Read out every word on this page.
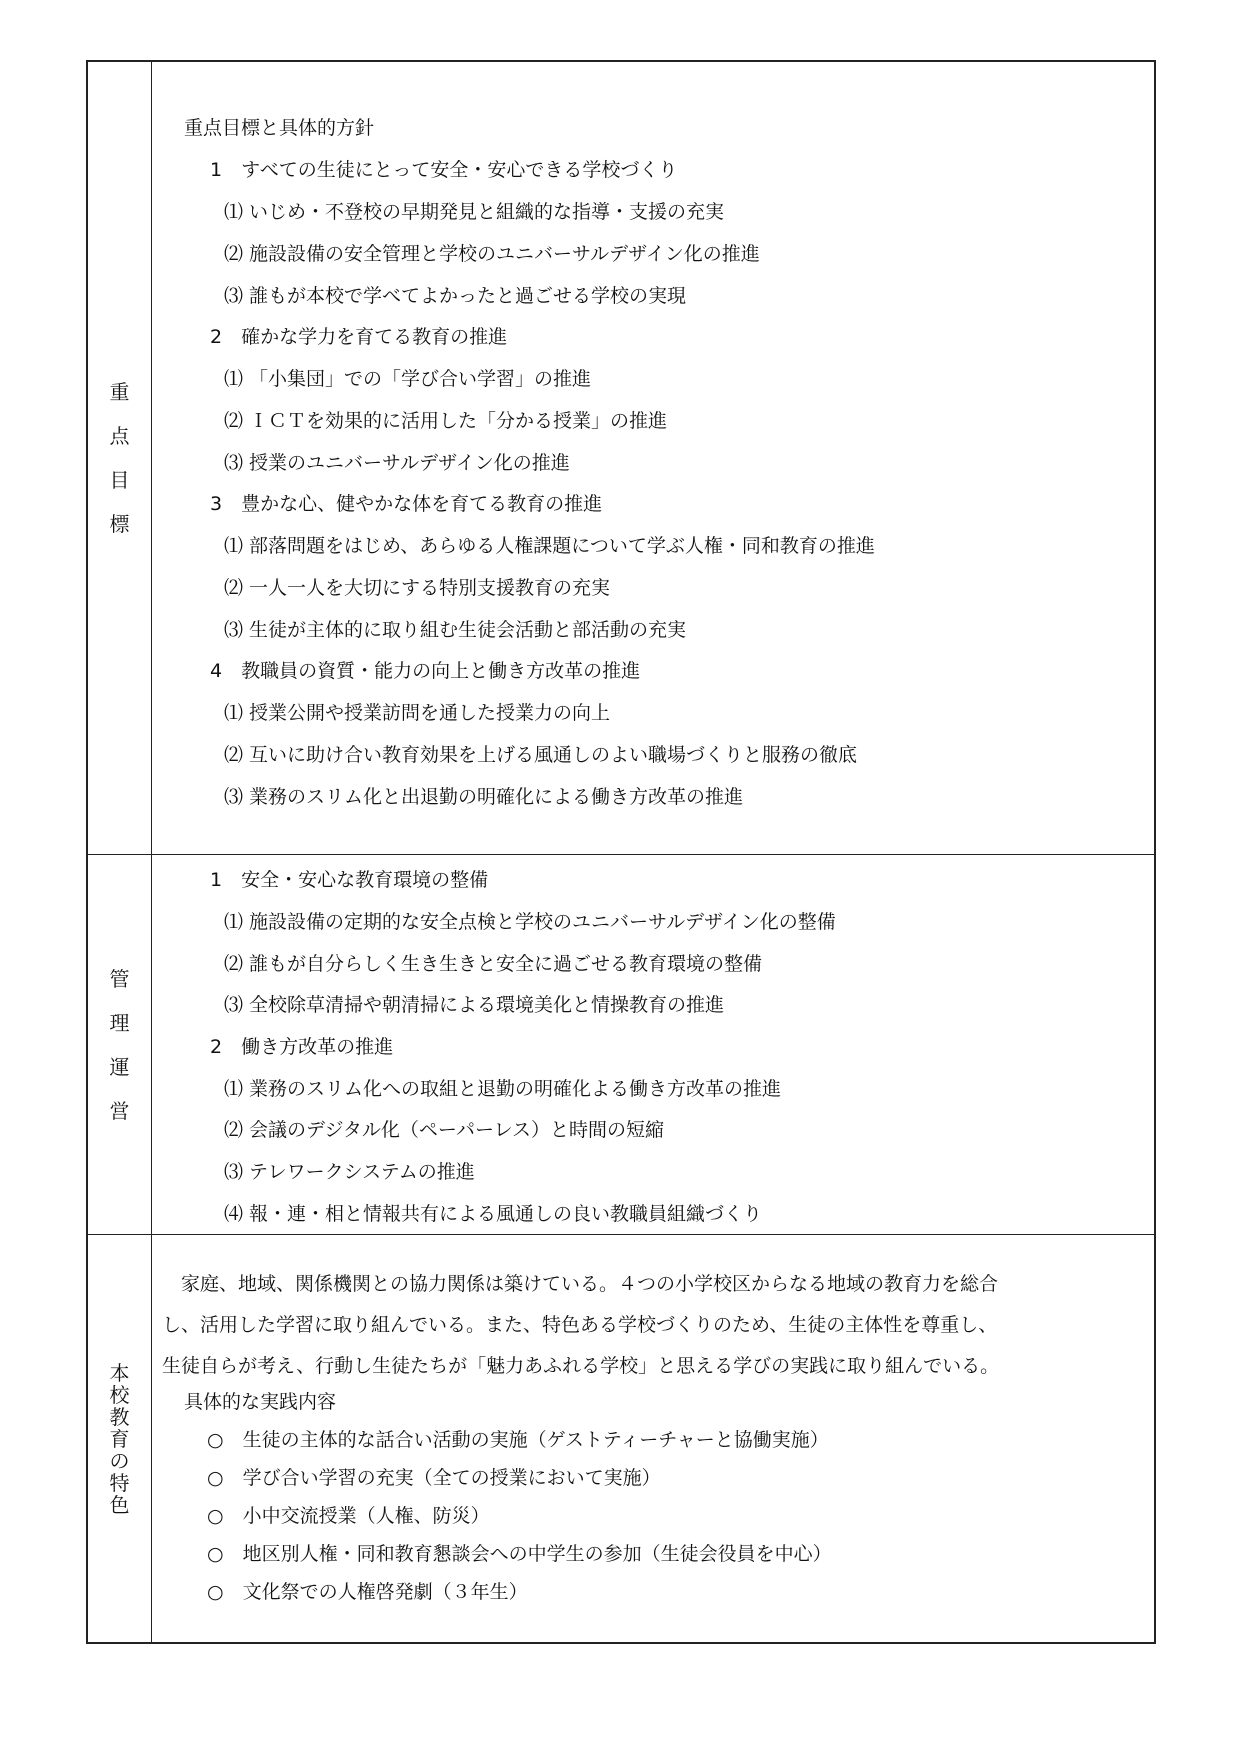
重
点
目
標
重点目標と具体的方針
1　すべての生徒にとって安全・安心できる学校づくり
⑴ いじめ・不登校の早期発見と組織的な指導・支援の充実
⑵ 施設設備の安全管理と学校のユニバーサルデザイン化の推進
⑶ 誰もが本校で学べてよかったと過ごせる学校の実現
2　確かな学力を育てる教育の推進
⑴ 「小集団」での「学び合い学習」の推進
⑵ ＩＣＴを効果的に活用した「分かる授業」の推進
⑶ 授業のユニバーサルデザイン化の推進
3　豊かな心、健やかな体を育てる教育の推進
⑴ 部落問題をはじめ、あらゆる人権課題について学ぶ人権・同和教育の推進
⑵ 一人一人を大切にする特別支援教育の充実
⑶ 生徒が主体的に取り組む生徒会活動と部活動の充実
4　教職員の資質・能力の向上と働き方改革の推進
⑴ 授業公開や授業訪問を通した授業力の向上
⑵ 互いに助け合い教育効果を上げる風通しのよい職場づくりと服務の徹底
⑶ 業務のスリム化と出退勤の明確化による働き方改革の推進
管
理
運
営
1　安全・安心な教育環境の整備
⑴ 施設設備の定期的な安全点検と学校のユニバーサルデザイン化の整備
⑵ 誰もが自分らしく生き生きと安全に過ごせる教育環境の整備
⑶ 全校除草清掃や朝清掃による環境美化と情操教育の推進
2　働き方改革の推進
⑴ 業務のスリム化への取組と退勤の明確化よる働き方改革の推進
⑵ 会議のデジタル化（ペーパーレス）と時間の短縮
⑶ テレワークシステムの推進
⑷ 報・連・相と情報共有による風通しの良い教職員組織づくり
本
校
教
育
の
特
色
　家庭、地域、関係機関との協力関係は築けている。４つの小学校区からなる地域の教育力を総合
し、活用した学習に取り組んでいる。また、特色ある学校づくりのため、生徒の主体性を尊重し、
生徒自らが考え、行動し生徒たちが「魅力あふれる学校」と思える学びの実践に取り組んでいる。
具体的な実践内容
○　生徒の主体的な話合い活動の実施（ゲストティーチャーと協働実施）
○　学び合い学習の充実（全ての授業において実施）
○　小中交流授業（人権、防災）
○　地区別人権・同和教育懇談会への中学生の参加（生徒会役員を中心）
○　文化祭での人権啓発劇（３年生）
